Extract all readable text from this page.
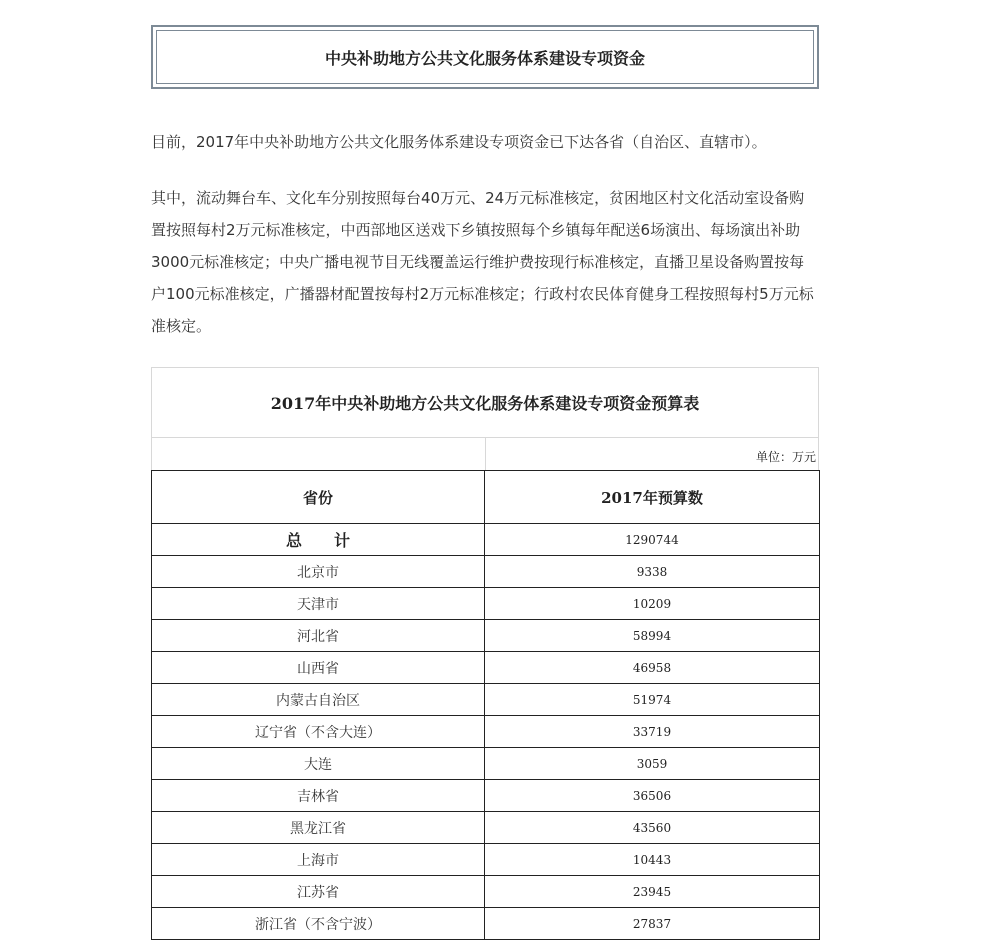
中央补助地方公共文化服务体系建设专项资金

目前，2017年中央补助地方公共文化服务体系建设专项资金已下达各省（自治区、直辖市）。

其中，流动舞台车、文化车分别按照每台40万元、24万元标准核定，贫困地区村文化活动室设备购置按照每村2万元标准核定，中西部地区送戏下乡镇按照每个乡镇每年配送6场演出、每场演出补助3000元标准核定；中央广播电视节目无线覆盖运行维护费按现行标准核定，直播卫星设备购置按每户100元标准核定，广播器材配置按每村2万元标准核定；行政村农民体育健身工程按照每村5万元标准核定。

2017年中央补助地方公共文化服务体系建设专项资金预算表
单位：万元
省份	2017年预算数
总　　计	1290744
北京市	9338
天津市	10209
河北省	58994
山西省	46958
内蒙古自治区	51974
辽宁省（不含大连）	33719
大连	3059
吉林省	36506
黑龙江省	43560
上海市	10443
江苏省	23945
浙江省（不含宁波）	27837
